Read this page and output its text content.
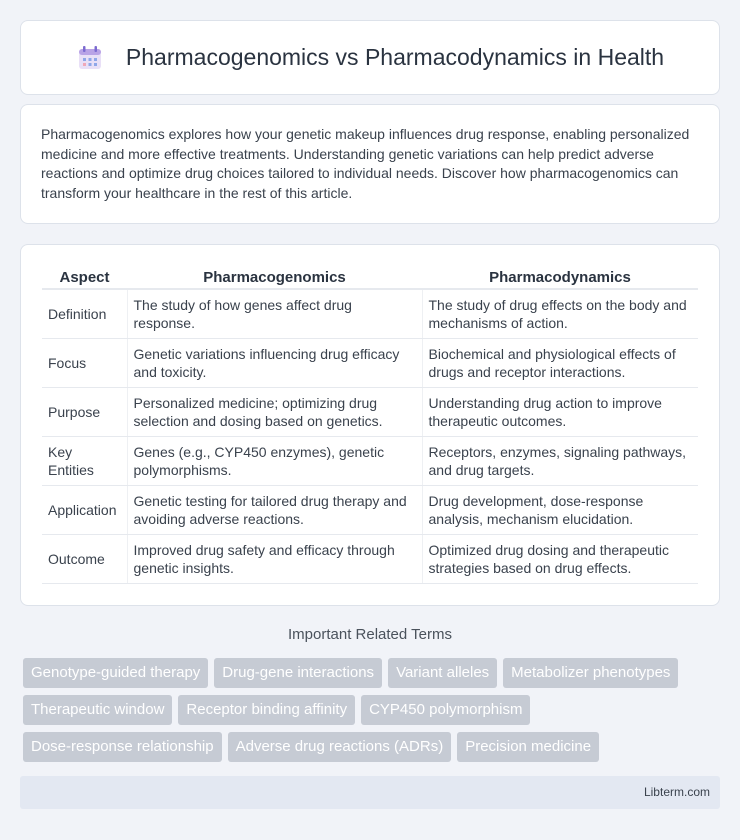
Pharmacogenomics vs Pharmacodynamics in Health

Pharmacogenomics explores how your genetic makeup influences drug response, enabling personalized medicine and more effective treatments. Understanding genetic variations can help predict adverse reactions and optimize drug choices tailored to individual needs. Discover how pharmacogenomics can transform your healthcare in the rest of this article.

Aspect	Pharmacogenomics	Pharmacodynamics
Definition	The study of how genes affect drug response.	The study of drug effects on the body and mechanisms of action.
Focus	Genetic variations influencing drug efficacy and toxicity.	Biochemical and physiological effects of drugs and receptor interactions.
Purpose	Personalized medicine; optimizing drug selection and dosing based on genetics.	Understanding drug action to improve therapeutic outcomes.
Key Entities	Genes (e.g., CYP450 enzymes), genetic polymorphisms.	Receptors, enzymes, signaling pathways, and drug targets.
Application	Genetic testing for tailored drug therapy and avoiding adverse reactions.	Drug development, dose-response analysis, mechanism elucidation.
Outcome	Improved drug safety and efficacy through genetic insights.	Optimized drug dosing and therapeutic strategies based on drug effects.
Important Related Terms
Genotype-guided therapy	Drug-gene interactions	Variant alleles	Metabolizer phenotypes
Therapeutic window	Receptor binding affinity	CYP450 polymorphism
Dose-response relationship	Adverse drug reactions (ADRs)	Precision medicine
Libterm.com
